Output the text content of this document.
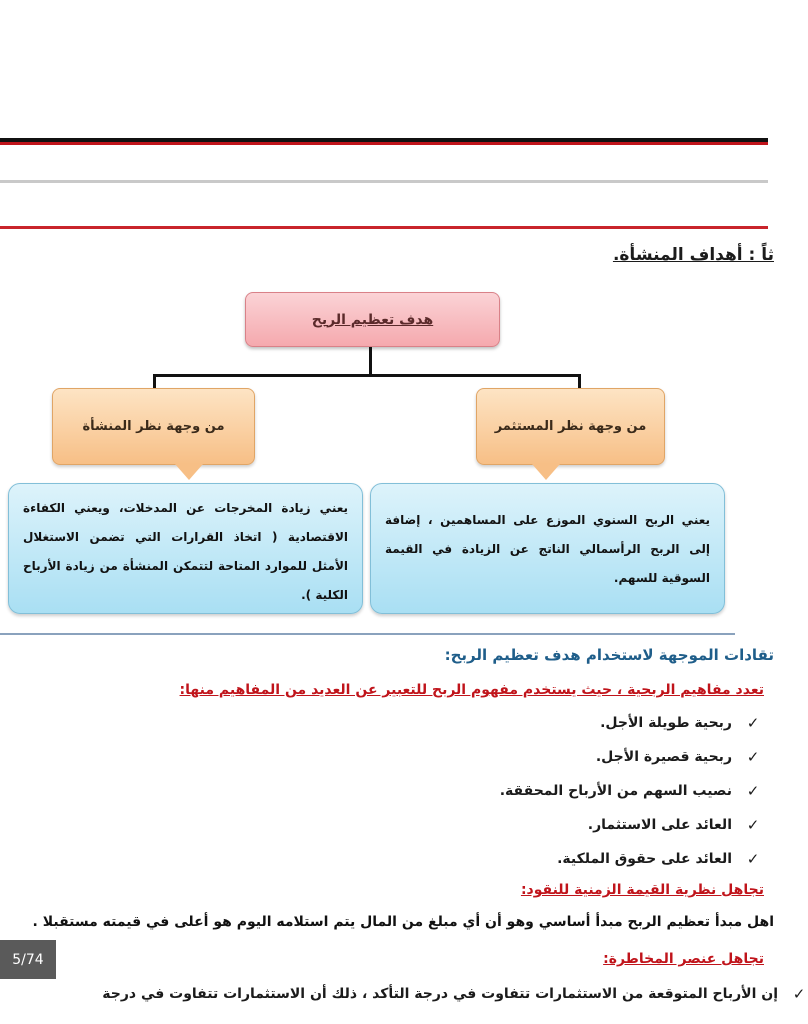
ثاً : أهداف المنشأة.
هدف تعظيم الربح
من وجهة نظر المنشأة	من وجهة نظر المستثمر
يعني زيادة المخرجات عن المدخلات، ويعني الكفاءة الاقتصادية ( اتخاذ القرارات التي تضمن الاستغلال الأمثل للموارد المتاحة لتتمكن المنشأة من زيادة الأرباح الكلية ).
يعني الربح السنوي الموزع على المساهمين ، إضافة إلى الربح الرأسمالي الناتج عن الزيادة في القيمة السوقية للسهم.
تقادات الموجهة لاستخدام هدف تعظيم الربح:
تعدد مفاهيم الربحية ، حيث يستخدم مفهوم الربح للتعبير عن العديد من المفاهيم منها:
✓
ربحية طويلة الأجل.
✓
ربحية قصيرة الأجل.
✓
نصيب السهم من الأرباح المحققة.
✓
العائد على الاستثمار.
✓
العائد على حقوق الملكية.
تجاهل نظرية القيمة الزمنية للنقود:
اهل مبدأ تعظيم الربح مبدأ أساسي وهو أن أي مبلغ من المال يتم استلامه اليوم هو أعلى في قيمته مستقبلا .
تجاهل عنصر المخاطرة:
✓
إن الأرباح المتوقعة من الاستثمارات تتفاوت في درجة التأكد ، ذلك أن الاستثمارات تتفاوت في درجة
5/74
